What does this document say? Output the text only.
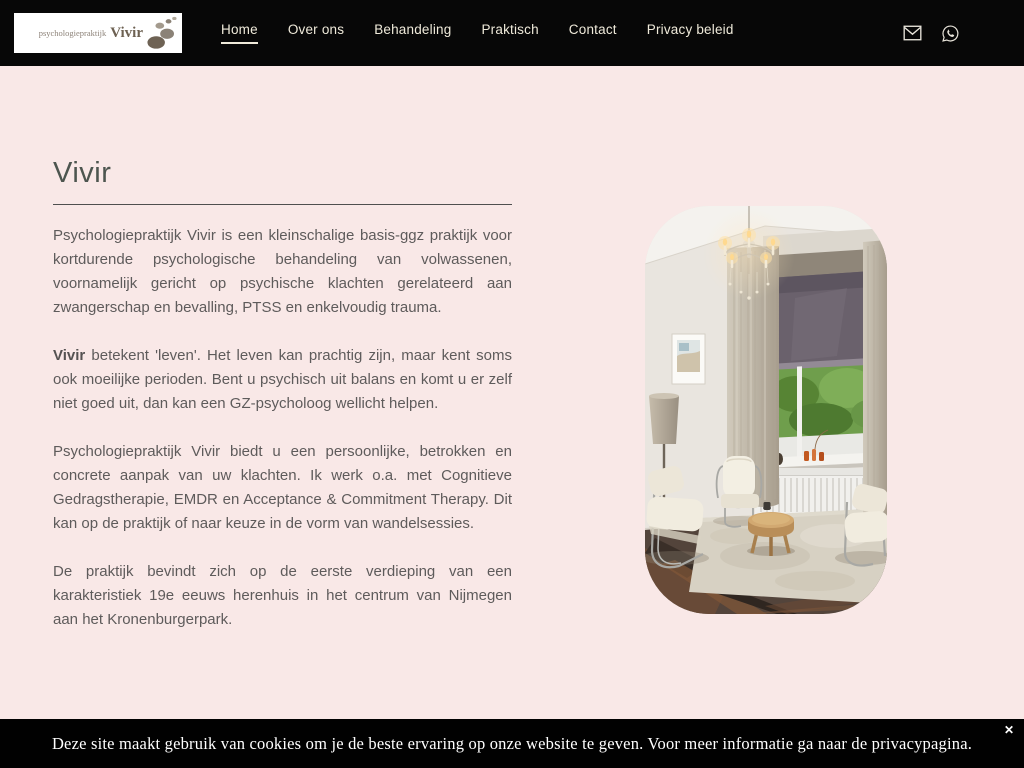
psychologiepraktijk Vivir	Home Over ons Behandeling Praktisch Contact Privacy beleid
Vivir

Psychologiepraktijk Vivir is een kleinschalige basis-ggz praktijk voor kortdurende psychologische behandeling van volwassenen, voornamelijk gericht op psychische klachten gerelateerd aan zwangerschap en bevalling, PTSS en enkelvoudig trauma.

Vivir betekent 'leven'. Het leven kan prachtig zijn, maar kent soms ook moeilijke perioden. Bent u psychisch uit balans en komt u er zelf niet goed uit, dan kan een GZ-psycholoog wellicht helpen.

Psychologiepraktijk Vivir biedt u een persoonlijke, betrokken en concrete aanpak van uw klachten. Ik werk o.a. met Cognitieve Gedragstherapie, EMDR en Acceptance & Commitment Therapy. Dit kan op de praktijk of naar keuze in de vorm van wandelsessies.

De praktijk bevindt zich op de eerste verdieping van een karakteristiek 19e eeuws herenhuis in het centrum van Nijmegen aan het Kronenburgerpark.

Deze site maakt gebruik van cookies om je de beste ervaring op onze website te geven. Voor meer informatie ga naar de privacypagina.
✕
